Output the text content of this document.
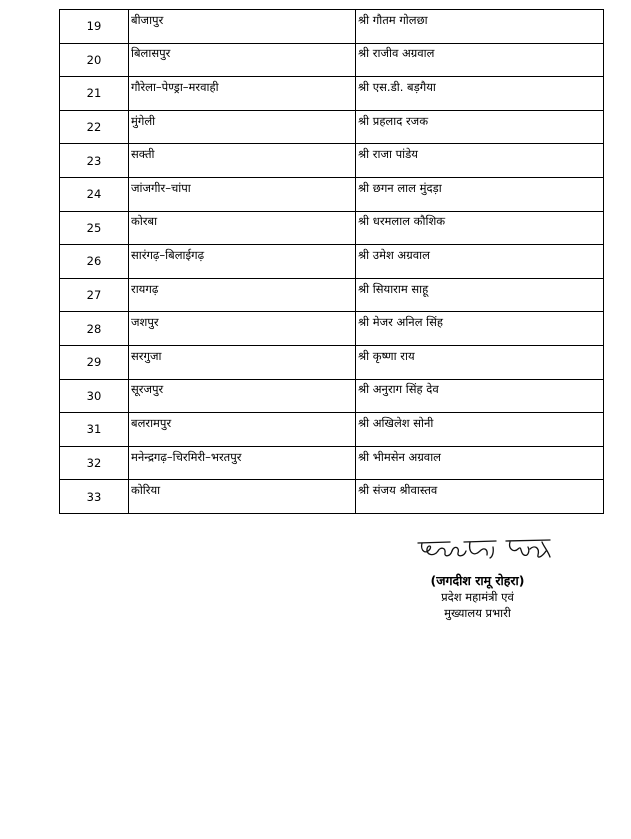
19	बीजापुर	श्री गौतम गोलछा
20	बिलासपुर	श्री राजीव अग्रवाल
21	गौरेला–पेण्ड्रा–मरवाही	श्री एस.डी. बड़गैया
22	मुंगेली	श्री प्रहलाद रजक
23	सक्ती	श्री राजा पांडेय
24	जांजगीर–चांपा	श्री छगन लाल मुंदड़ा
25	कोरबा	श्री धरमलाल कौशिक
26	सारंगढ़–बिलाईगढ़	श्री उमेश अग्रवाल
27	रायगढ़	श्री सियाराम साहू
28	जशपुर	श्री मेजर अनिल सिंह
29	सरगुजा	श्री कृष्णा राय
30	सूरजपुर	श्री अनुराग सिंह देव
31	बलरामपुर	श्री अखिलेश सोनी
32	मनेन्द्रगढ़–चिरमिरी–भरतपुर	श्री भीमसेन अग्रवाल
33	कोरिया	श्री संजय श्रीवास्तव
(जगदीश रामू रोहरा)
प्रदेश महामंत्री एवं
मुख्यालय प्रभारी
